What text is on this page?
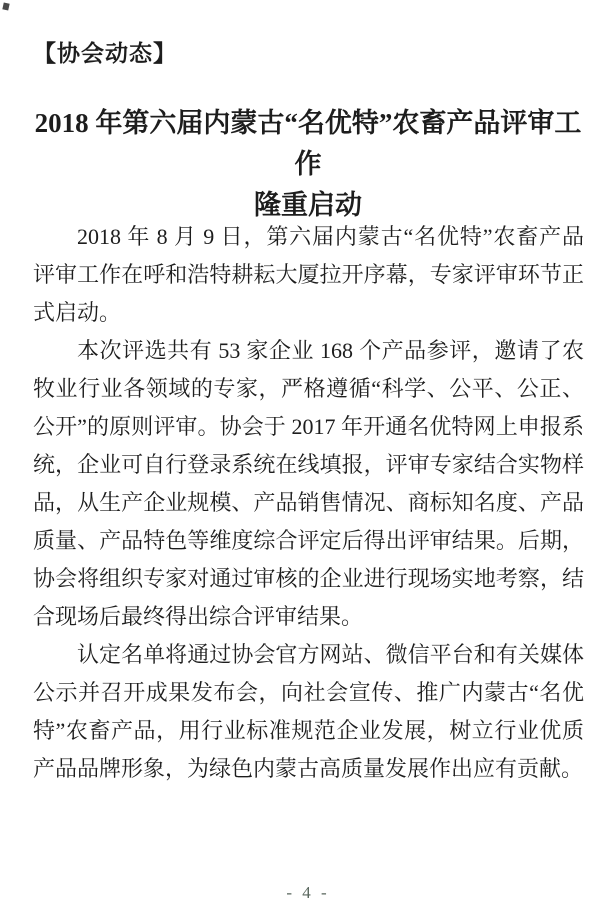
【协会动态】
2018 年第六届内蒙古“名优特”农畜产品评审工作
隆重启动

2018 年 8 月 9 日，第六届内蒙古“名优特”农畜产品评审工作在呼和浩特耕耘大厦拉开序幕，专家评审环节正式启动。

本次评选共有 53 家企业 168 个产品参评，邀请了农牧业行业各领域的专家，严格遵循“科学、公平、公正、公开”的原则评审。协会于 2017 年开通名优特网上申报系统，企业可自行登录系统在线填报，评审专家结合实物样品，从生产企业规模、产品销售情况、商标知名度、产品质量、产品特色等维度综合评定后得出评审结果。后期，协会将组织专家对通过审核的企业进行现场实地考察，结合现场后最终得出综合评审结果。

认定名单将通过协会官方网站、微信平台和有关媒体公示并召开成果发布会，向社会宣传、推广内蒙古“名优特”农畜产品，用行业标准规范企业发展，树立行业优质产品品牌形象，为绿色内蒙古高质量发展作出应有贡献。

- 4 -
